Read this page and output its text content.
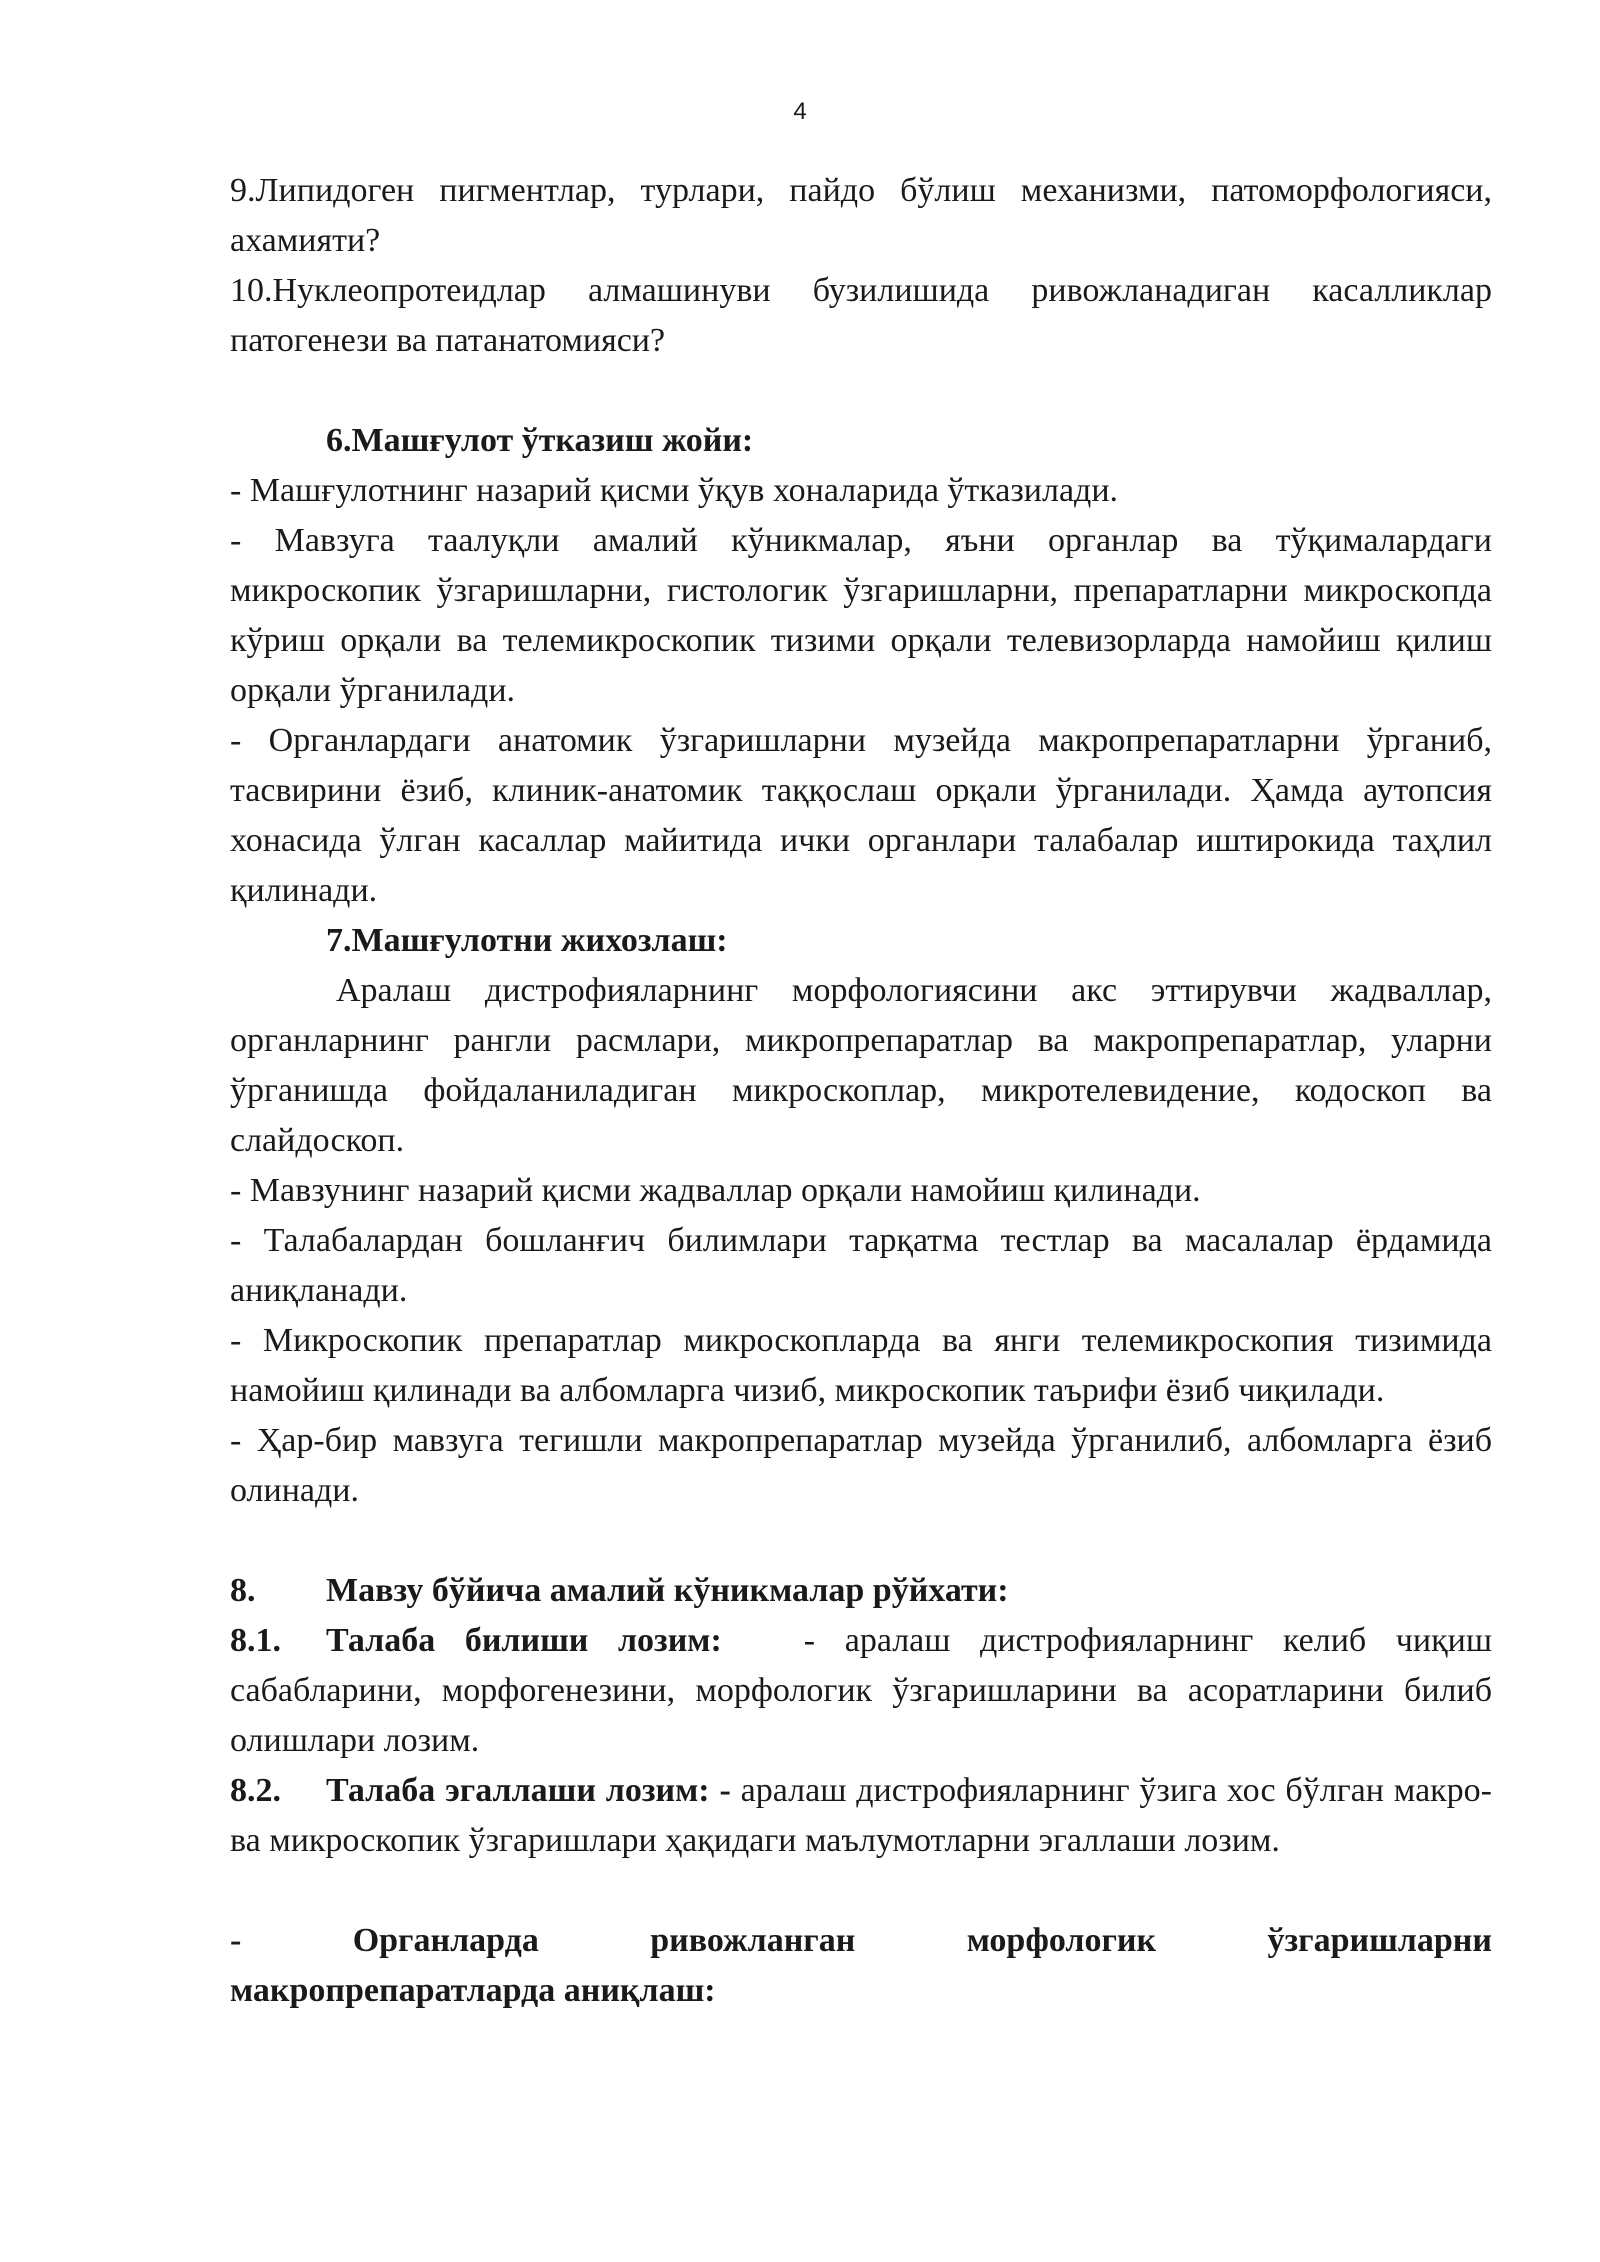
4

9.Липидоген пигментлар, турлари, пайдо бўлиш механизми, патоморфологияси, ахамияти?

10.Нуклеопротеидлар алмашинуви бузилишида ривожланадиган касалликлар патогенези ва патанатомияси?

6.Машғулот ўтказиш жойи:

- Машғулотнинг назарий қисми ўқув хоналарида ўтказилади.

- Мавзуга таалуқли амалий кўникмалар, яъни органлар ва тўқималардаги микроскопик ўзгаришларни, гистологик ўзгаришларни, препаратларни микроскопда кўриш орқали ва телемикроскопик тизими орқали телевизорларда намойиш қилиш орқали ўрганилади.

- Органлардаги анатомик ўзгаришларни музейда макропрепаратларни ўрганиб, тасвирини ёзиб, клиник-анатомик таққослаш орқали ўрганилади. Ҳамда аутопсия хонасида ўлган касаллар майитида ички органлари талабалар иштирокида таҳлил қилинади.

7.Машғулотни жихозлаш:

Аралаш дистрофияларнинг морфологиясини акс эттирувчи жадваллар, органларнинг рангли расмлари, микропрепаратлар ва макропрепаратлар, уларни ўрганишда фойдаланиладиган микроскоплар, микротелевидение, кодоскоп ва слайдоскоп.

- Мавзунинг назарий қисми жадваллар орқали намойиш қилинади.

- Талабалардан бошланғич билимлари тарқатма тестлар ва масалалар ёрдамида аниқланади.

- Микроскопик препаратлар микроскопларда ва янги телемикроскопия тизимида намойиш қилинади ва албомларга чизиб, микроскопик таърифи ёзиб чиқилади.

- Ҳар-бир мавзуга тегишли макропрепаратлар музейда ўрганилиб, албомларга ёзиб олинади.

8. Мавзу бўйича амалий кўникмалар рўйхати:

8.1. Талаба билиши лозим: - аралаш дистрофияларнинг келиб чиқиш сабабларини, морфогенезини, морфологик ўзгаришларини ва асоратларини билиб олишлари лозим.

8.2. Талаба эгаллаши лозим: - аралаш дистрофияларнинг ўзига хос бўлган макро- ва микроскопик ўзгаришлари ҳақидаги маълумотларни эгаллаши лозим.

-	Органларда	ривожланган	морфологик	ўзгаришларни

макропрепаратларда аниқлаш:
